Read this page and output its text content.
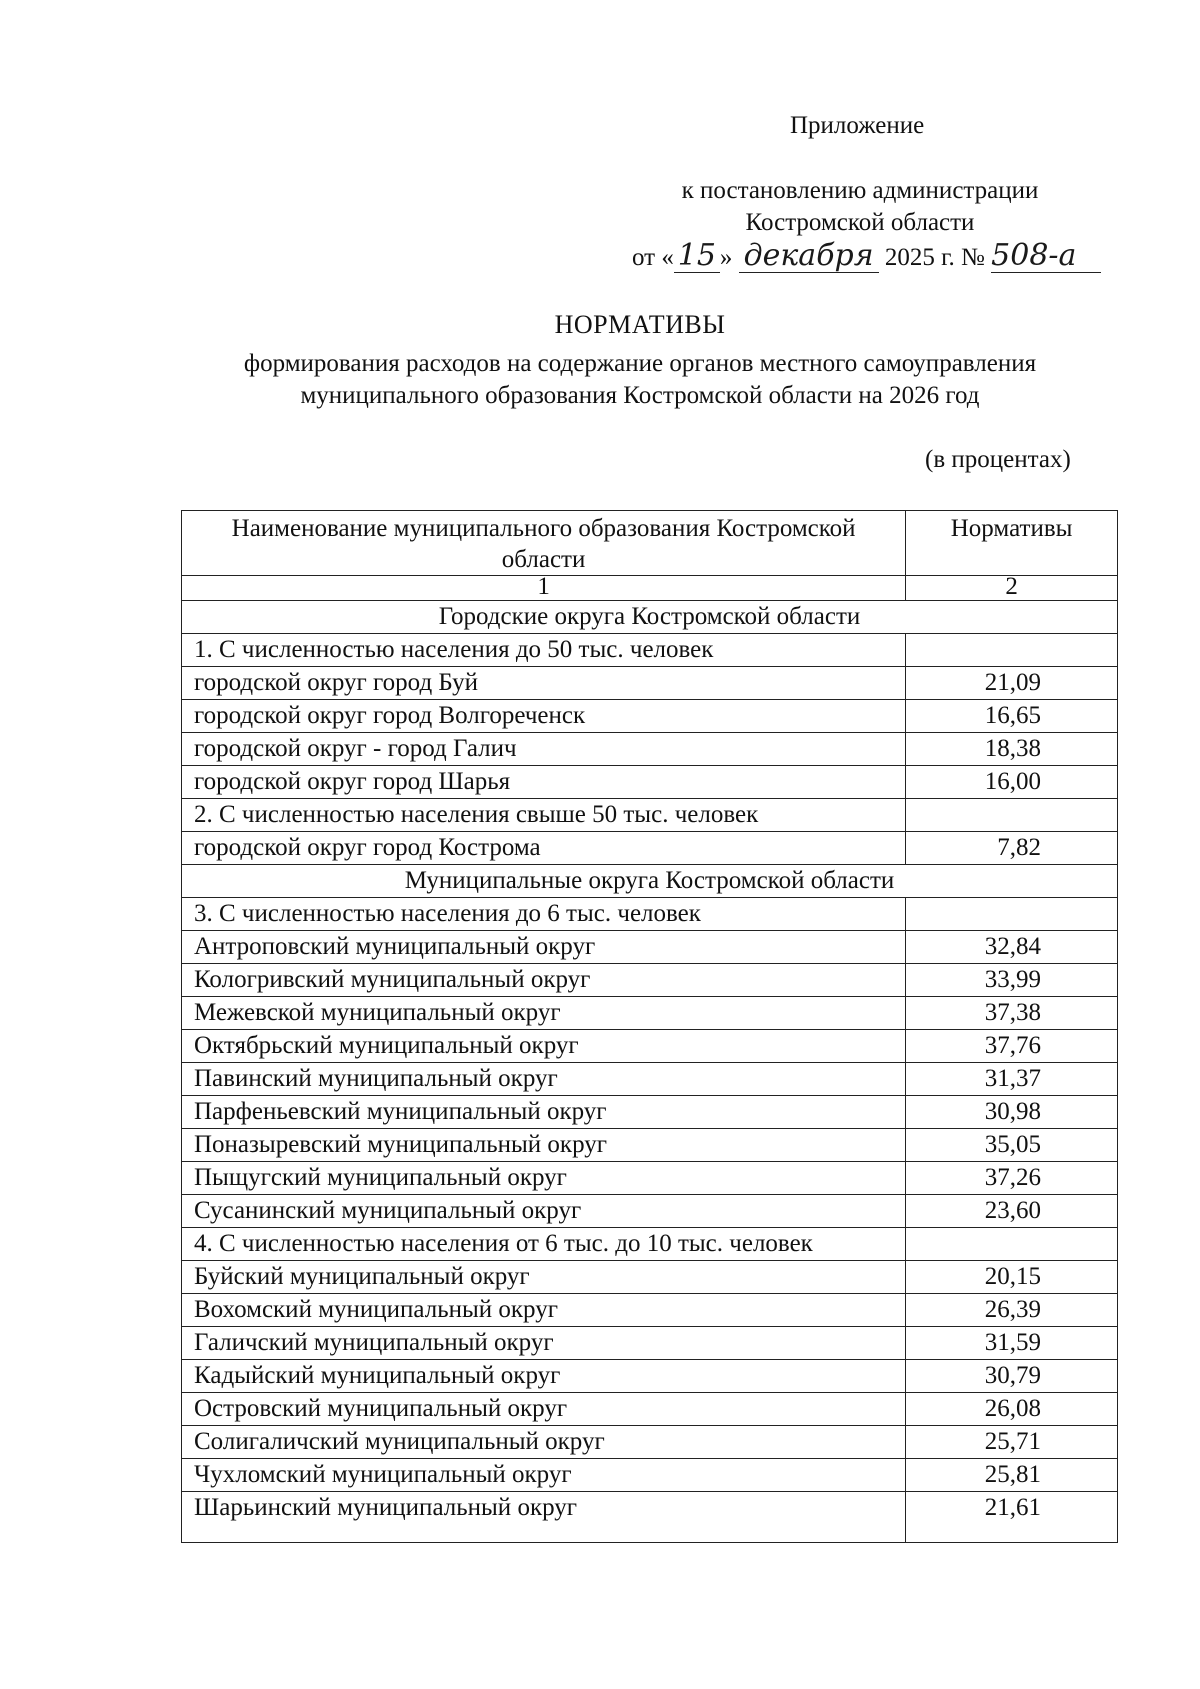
Приложение
к постановлению администрации
Костромской области
от « 15 » декабря 2025 г. № 508-а
НОРМАТИВЫ
формирования расходов на содержание органов местного самоуправления
муниципального образования Костромской области на 2026 год
(в процентах)
Наименование муниципального образования Костромской области	Нормативы
1	2
Городские округа Костромской области	
1. С численностью населения до 50 тыс. человек	
городской округ город Буй	21,09
городской округ город Волгореченск	16,65
городской округ - город Галич	18,38
городской округ город Шарья	16,00
2. С численностью населения свыше 50 тыс. человек	
городской округ город Кострома	7,82
Муниципальные округа Костромской области	
3. С численностью населения до 6 тыс. человек	
Антроповский муниципальный округ	32,84
Кологривский муниципальный округ	33,99
Межевской муниципальный округ	37,38
Октябрьский муниципальный округ	37,76
Павинский муниципальный округ	31,37
Парфеньевский муниципальный округ	30,98
Поназыревский муниципальный округ	35,05
Пыщугский муниципальный округ	37,26
Сусанинский муниципальный округ	23,60
4. С численностью населения от 6 тыс. до 10 тыс. человек	
Буйский муниципальный округ	20,15
Вохомский муниципальный округ	26,39
Галичский муниципальный округ	31,59
Кадыйский муниципальный округ	30,79
Островский муниципальный округ	26,08
Солигаличский муниципальный округ	25,71
Чухломский муниципальный округ	25,81
Шарьинский муниципальный округ	21,61
